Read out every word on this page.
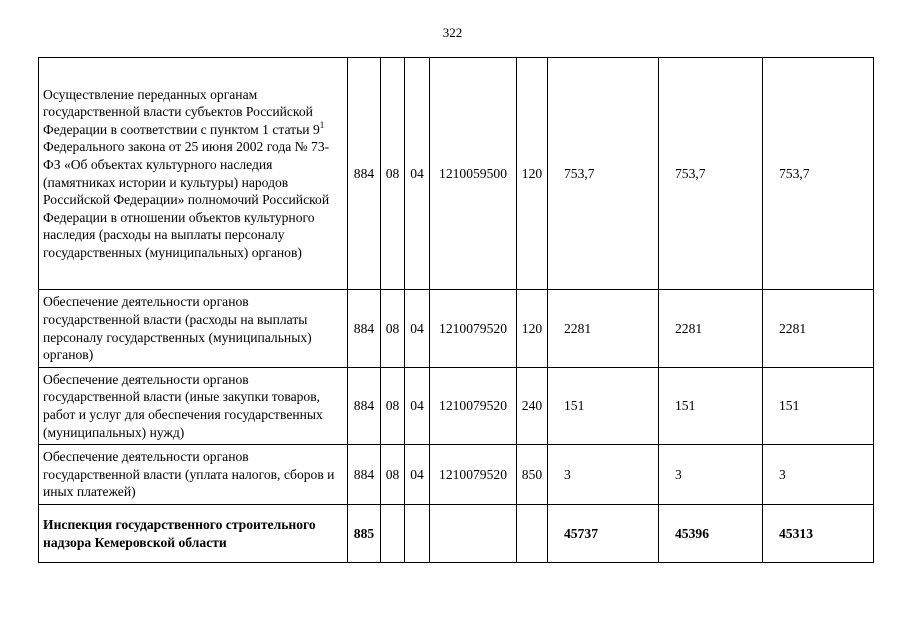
322
Осуществление переданных органам государственной власти субъектов Российской Федерации в соответствии с пунктом 1 статьи $9^1$ Федерального закона от 25 июня 2002 года № 73-ФЗ «Об объектах культурного наследия (памятниках истории и культуры) народов Российской Федерации» полномочий Российской Федерации в отношении объектов культурного наследия (расходы на выплаты персоналу государственных (муниципальных) органов)	884	08	04	1210059500	120	753,7	753,7	753,7
Обеспечение деятельности органов государственной власти (расходы на выплаты персоналу государственных (муниципальных) органов)	884	08	04	1210079520	120	2281	2281	2281
Обеспечение деятельности органов государственной власти (иные закупки товаров, работ и услуг для обеспечения государственных (муниципальных) нужд)	884	08	04	1210079520	240	151	151	151
Обеспечение деятельности органов государственной власти (уплата налогов, сборов и иных платежей)	884	08	04	1210079520	850	3	3	3
Инспекция государственного строительного надзора Кемеровской области	885					45737	45396	45313
